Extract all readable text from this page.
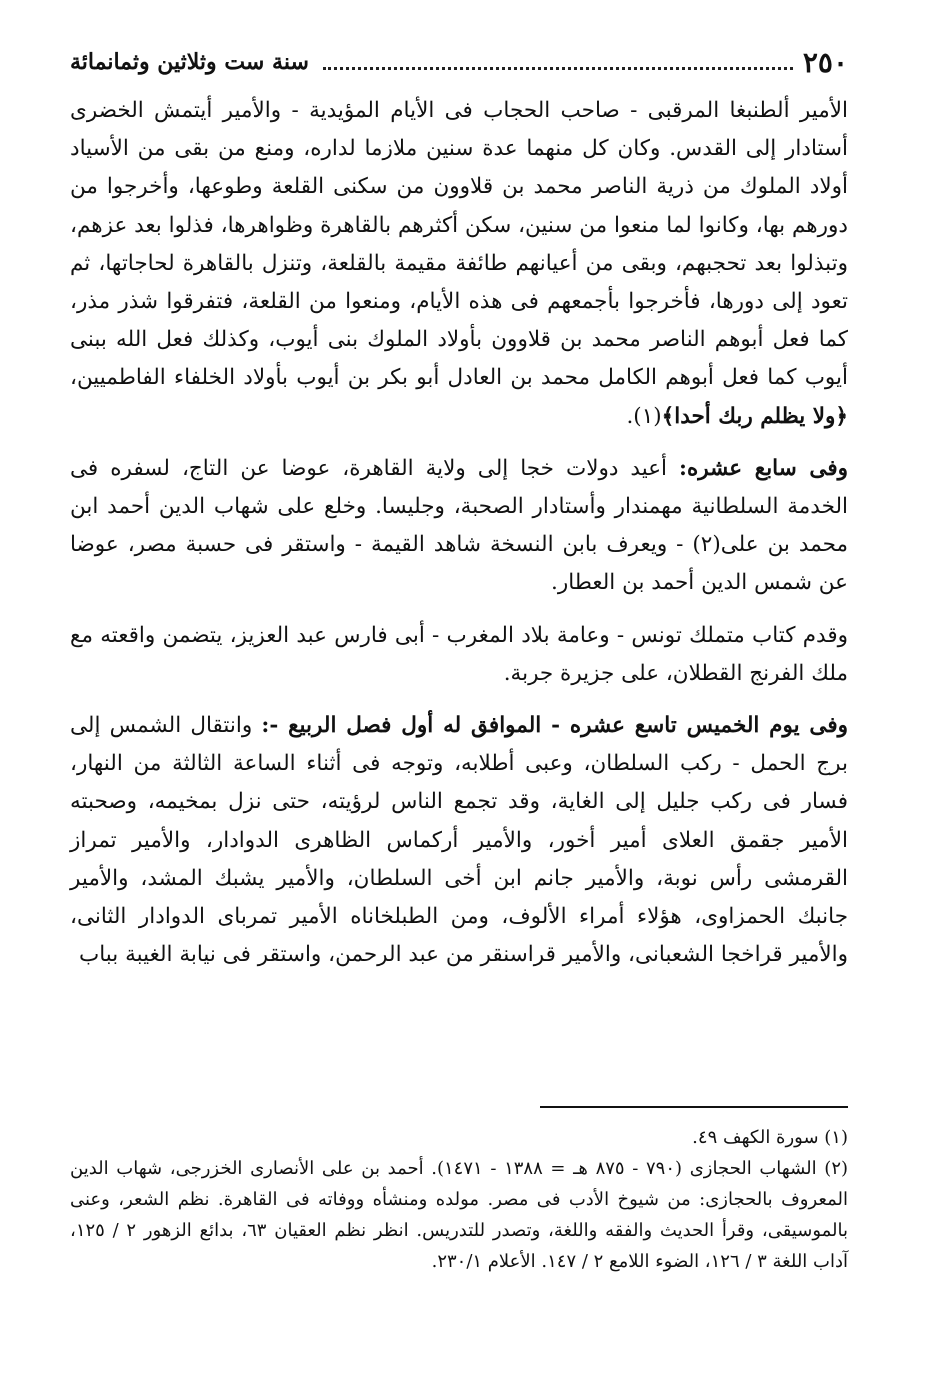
٢٥٠
سنة ست وثلاثين وثمانمائة

الأمير ألطنبغا المرقبى - صاحب الحجاب فى الأيام المؤيدية - والأمير أيتمش الخضرى أستادار إلى القدس. وكان كل منهما عدة سنين ملازما لداره، ومنع من بقى من الأسياد أولاد الملوك من ذرية الناصر محمد بن قلاوون من سكنى القلعة وطوعها، وأخرجوا من دورهم بها، وكانوا لما منعوا من سنين، سكن أكثرهم بالقاهرة وظواهرها، فذلوا بعد عزهم، وتبذلوا بعد تحجبهم، وبقى من أعيانهم طائفة مقيمة بالقلعة، وتنزل بالقاهرة لحاجاتها، ثم تعود إلى دورها، فأخرجوا بأجمعهم فى هذه الأيام، ومنعوا من القلعة، فتفرقوا شذر مذر، كما فعل أبوهم الناصر محمد بن قلاوون بأولاد الملوك بنى أيوب، وكذلك فعل الله ببنى أيوب كما فعل أبوهم الكامل محمد بن العادل أبو بكر بن أيوب بأولاد الخلفاء الفاطميين، ﴿ولا يظلم ربك أحدا﴾(١).

وفى سابع عشره: أعيد دولات خجا إلى ولاية القاهرة، عوضا عن التاج، لسفره فى الخدمة السلطانية مهمندار وأستادار الصحبة، وجليسا. وخلع على شهاب الدين أحمد ابن محمد بن على(٢) - ويعرف بابن النسخة شاهد القيمة - واستقر فى حسبة مصر، عوضا عن شمس الدين أحمد بن العطار.

وقدم كتاب متملك تونس - وعامة بلاد المغرب - أبى فارس عبد العزيز، يتضمن واقعته مع ملك الفرنج القطلان، على جزيرة جربة.

وفى يوم الخميس تاسع عشره - الموافق له أول فصل الربيع -: وانتقال الشمس إلى برج الحمل - ركب السلطان، وعبى أطلابه، وتوجه فى أثناء الساعة الثالثة من النهار، فسار فى ركب جليل إلى الغاية، وقد تجمع الناس لرؤيته، حتى نزل بمخيمه، وصحبته الأمير جقمق العلاى أمير أخور، والأمير أركماس الظاهرى الدوادار، والأمير تمراز القرمشى رأس نوبة، والأمير جانم ابن أخى السلطان، والأمير يشبك المشد، والأمير جانبك الحمزاوى، هؤلاء أمراء الألوف، ومن الطبلخاناه الأمير تمرباى الدوادار الثانى، والأمير قراخجا الشعبانى، والأمير قراسنقر من عبد الرحمن، واستقر فى نيابة الغيبة بباب

(١) سورة الكهف ٤٩.

(٢) الشهاب الحجازى (٧٩٠ - ٨٧٥ هـ = ١٣٨٨ - ١٤٧١). أحمد بن على الأنصارى الخزرجى، شهاب الدين المعروف بالحجازى: من شيوخ الأدب فى مصر. مولده ومنشأه ووفاته فى القاهرة. نظم الشعر، وعنى بالموسيقى، وقرأ الحديث والفقه واللغة، وتصدر للتدريس. انظر نظم العقيان ٦٣، بدائع الزهور ٢ / ١٢٥، آداب اللغة ٣ / ١٢٦، الضوء اللامع ٢ / ١٤٧. الأعلام ٢٣٠/١.
